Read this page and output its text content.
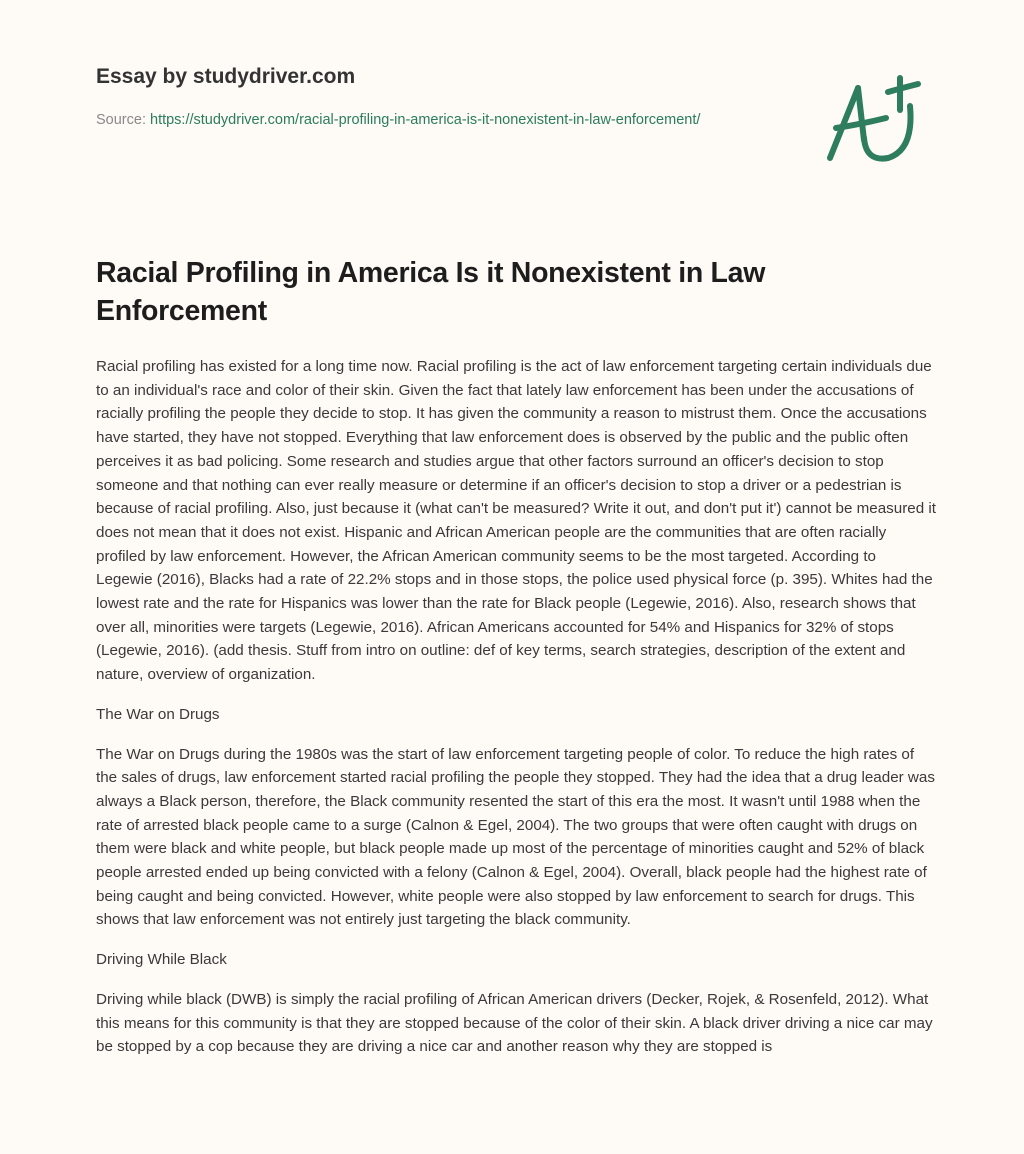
Essay by studydriver.com
Source: https://studydriver.com/racial-profiling-in-america-is-it-nonexistent-in-law-enforcement/
Racial Profiling in America Is it Nonexistent in Law Enforcement

Racial profiling has existed for a long time now. Racial profiling is the act of law enforcement targeting certain individuals due to an individual's race and color of their skin. Given the fact that lately law enforcement has been under the accusations of racially profiling the people they decide to stop. It has given the community a reason to mistrust them. Once the accusations have started, they have not stopped. Everything that law enforcement does is observed by the public and the public often perceives it as bad policing. Some research and studies argue that other factors surround an officer's decision to stop someone and that nothing can ever really measure or determine if an officer's decision to stop a driver or a pedestrian is because of racial profiling. Also, just because it (what can't be measured? Write it out, and don't put it') cannot be measured it does not mean that it does not exist. Hispanic and African American people are the communities that are often racially profiled by law enforcement. However, the African American community seems to be the most targeted. According to Legewie (2016), Blacks had a rate of 22.2% stops and in those stops, the police used physical force (p. 395). Whites had the lowest rate and the rate for Hispanics was lower than the rate for Black people (Legewie, 2016). Also, research shows that over all, minorities were targets (Legewie, 2016). African Americans accounted for 54% and Hispanics for 32% of stops (Legewie, 2016). (add thesis. Stuff from intro on outline: def of key terms, search strategies, description of the extent and nature, overview of organization.

The War on Drugs

The War on Drugs during the 1980s was the start of law enforcement targeting people of color. To reduce the high rates of the sales of drugs, law enforcement started racial profiling the people they stopped. They had the idea that a drug leader was always a Black person, therefore, the Black community resented the start of this era the most. It wasn't until 1988 when the rate of arrested black people came to a surge (Calnon & Egel, 2004). The two groups that were often caught with drugs on them were black and white people, but black people made up most of the percentage of minorities caught and 52% of black people arrested ended up being convicted with a felony (Calnon & Egel, 2004). Overall, black people had the highest rate of being caught and being convicted. However, white people were also stopped by law enforcement to search for drugs. This shows that law enforcement was not entirely just targeting the black community.

Driving While Black

Driving while black (DWB) is simply the racial profiling of African American drivers (Decker, Rojek, & Rosenfeld, 2012). What this means for this community is that they are stopped because of the color of their skin. A black driver driving a nice car may be stopped by a cop because they are driving a nice car and another reason why they are stopped is
